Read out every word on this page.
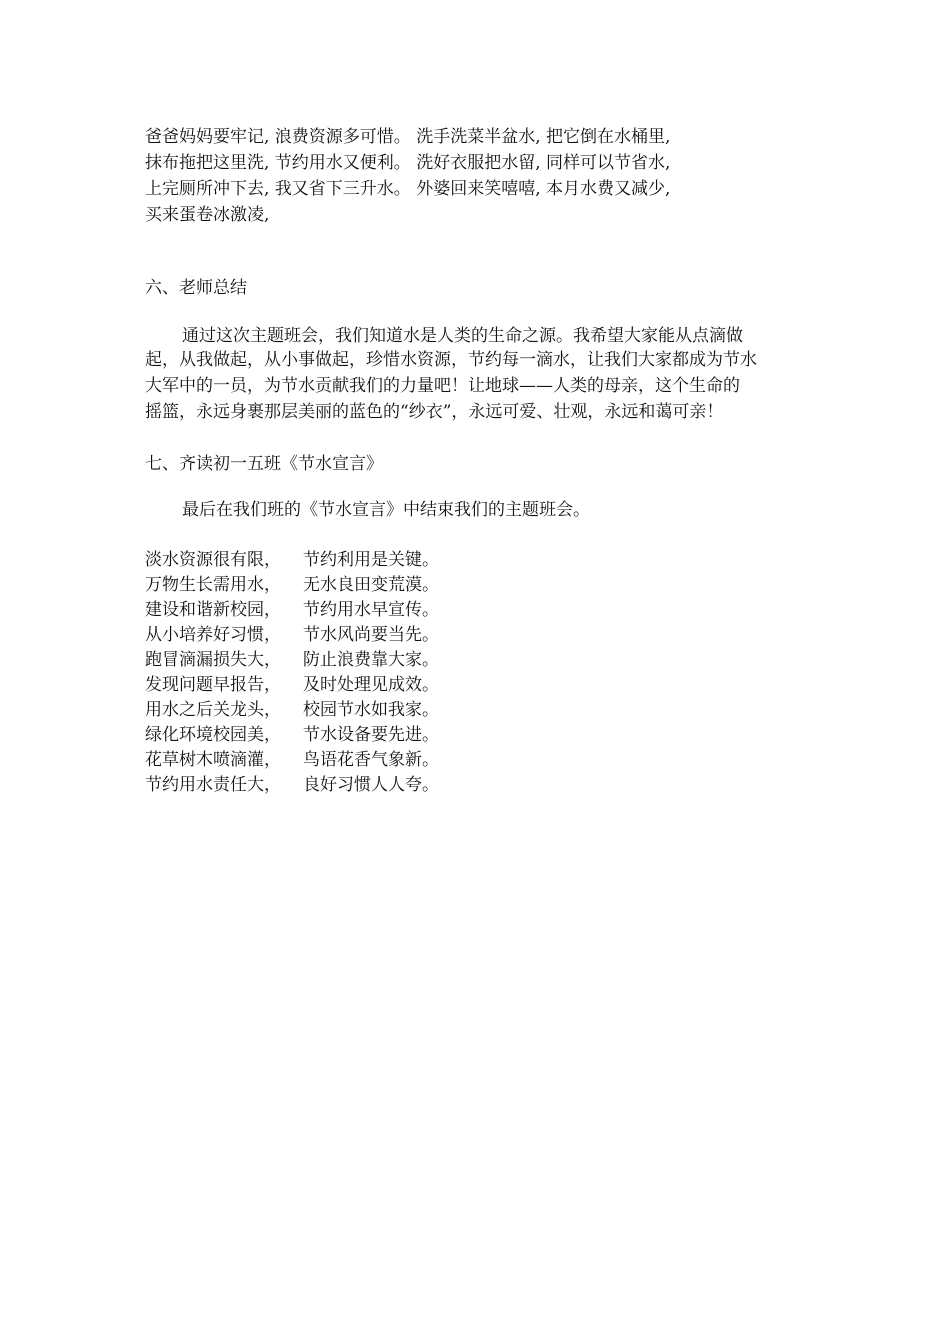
爸爸妈妈要牢记, 浪费资源多可惜。 洗手洗菜半盆水, 把它倒在水桶里,
抹布拖把这里洗, 节约用水又便利。 洗好衣服把水留, 同样可以节省水,
上完厕所冲下去, 我又省下三升水。 外婆回来笑嘻嘻, 本月水费又减少,
买来蛋卷冰激凌,
六、老师总结
通过这次主题班会，我们知道水是人类的生命之源。我希望大家能从点滴做
起，从我做起，从小事做起，珍惜水资源，节约每一滴水，让我们大家都成为节水
大军中的一员，为节水贡献我们的力量吧！让地球——人类的母亲，这个生命的
摇篮，永远身裹那层美丽的蓝色的“纱衣”，永远可爱、壮观，永远和蔼可亲！
七、齐读初一五班《节水宣言》
最后在我们班的《节水宣言》中结束我们的主题班会。
淡水资源很有限， 节约利用是关键。
万物生长需用水， 无水良田变荒漠。
建设和谐新校园， 节约用水早宣传。
从小培养好习惯， 节水风尚要当先。
跑冒滴漏损失大， 防止浪费靠大家。
发现问题早报告， 及时处理见成效。
用水之后关龙头， 校园节水如我家。
绿化环境校园美， 节水设备要先进。
花草树木喷滴灌， 鸟语花香气象新。
节约用水责任大， 良好习惯人人夸。
